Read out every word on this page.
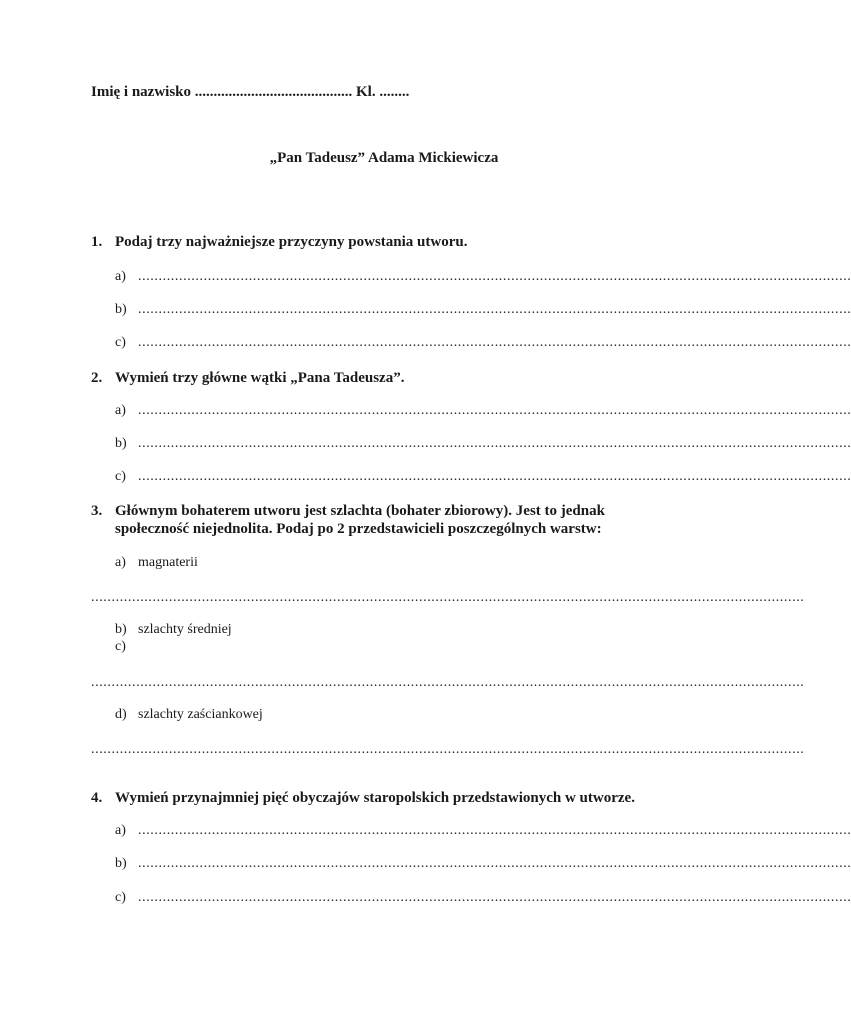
Imię i nazwisko .......................................... Kl. ........
„Pan Tadeusz” Adama Mickiewicza
1. Podaj trzy najważniejsze przyczyny powstania utworu.
a) ..............................................................................................................................................................................
b) ..............................................................................................................................................................................
c) ..............................................................................................................................................................................
2. Wymień trzy główne wątki „Pana Tadeusza”.
a) ..............................................................................................................................................................................
b) ..............................................................................................................................................................................
c) ..............................................................................................................................................................................
3. Głównym bohaterem utworu jest szlachta (bohater zbiorowy). Jest to jednak
społeczność niejednolita. Podaj po 2 przedstawicieli poszczególnych warstw:
a) magnaterii
..............................................................................................................................................................................
b) szlachty średniej
c)
..............................................................................................................................................................................
d) szlachty zaściankowej
..............................................................................................................................................................................
4. Wymień przynajmniej pięć obyczajów staropolskich przedstawionych w utworze.
a) ..............................................................................................................................................................................
b) ..............................................................................................................................................................................
c) ..............................................................................................................................................................................
